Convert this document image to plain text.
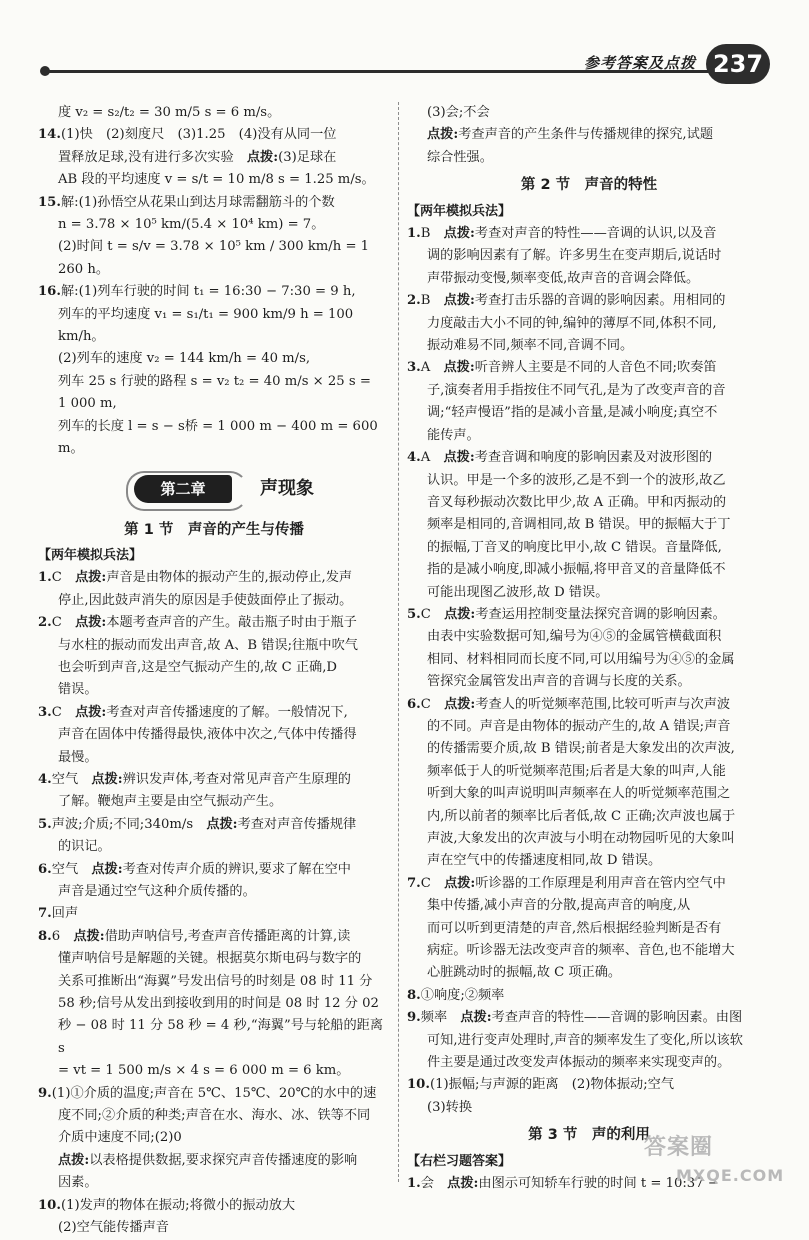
参考答案及点拨 237

度 v₂ = s₂/t₂ = 30 m/5 s = 6 m/s。

14.(1)快　(2)刻度尺　(3)1.25　(4)没有从同一位

置释放足球,没有进行多次实验　点拨:(3)足球在

AB 段的平均速度 v = s/t = 10 m/8 s = 1.25 m/s。

15.解:(1)孙悟空从花果山到达月球需翻筋斗的个数

n = 3.78 × 10⁵ km/(5.4 × 10⁴ km) = 7。

(2)时间 t = s/v = 3.78 × 10⁵ km / 300 km/h = 1 260 h。

16.解:(1)列车行驶的时间 t₁ = 16:30 − 7:30 = 9 h,

列车的平均速度 v₁ = s₁/t₁ = 900 km/9 h = 100 km/h。

(2)列车的速度 v₂ = 144 km/h = 40 m/s,

列车 25 s 行驶的路程 s = v₂ t₂ = 40 m/s × 25 s =

1 000 m,

列车的长度 l = s − s桥 = 1 000 m − 400 m = 600 m。

第二章	声现象
第 1 节　声音的产生与传播
【两年模拟兵法】

1.C　点拨:声音是由物体的振动产生的,振动停止,发声

停止,因此鼓声消失的原因是手使鼓面停止了振动。

2.C　点拨:本题考查声音的产生。敲击瓶子时由于瓶子

与水柱的振动而发出声音,故 A、B 错误;往瓶中吹气

也会听到声音,这是空气振动产生的,故 C 正确,D

错误。

3.C　点拨:考查对声音传播速度的了解。一般情况下,

声音在固体中传播得最快,液体中次之,气体中传播得

最慢。

4.空气　点拨:辨识发声体,考查对常见声音产生原理的

了解。鞭炮声主要是由空气振动产生。

5.声波;介质;不同;340m/s　点拨:考查对声音传播规律

的识记。

6.空气　点拨:考查对传声介质的辨识,要求了解在空中

声音是通过空气这种介质传播的。

7.回声

8.6　点拨:借助声呐信号,考查声音传播距离的计算,读

懂声呐信号是解题的关键。根据莫尔斯电码与数字的

关系可推断出“海翼”号发出信号的时刻是 08 时 11 分

58 秒;信号从发出到接收到用的时间是 08 时 12 分 02

秒 − 08 时 11 分 58 秒 = 4 秒,“海翼”号与轮船的距离 s

= vt = 1 500 m/s × 4 s = 6 000 m = 6 km。

9.(1)①介质的温度;声音在 5℃、15℃、20℃的水中的速

度不同;②介质的种类;声音在水、海水、冰、铁等不同

介质中速度不同;(2)0

点拨:以表格提供数据,要求探究声音传播速度的影响

因素。

10.(1)发声的物体在振动;将微小的振动放大

(2)空气能传播声音

(3)会;不会

点拨:考查声音的产生条件与传播规律的探究,试题

综合性强。

第 2 节　声音的特性
【两年模拟兵法】

1.B　点拨:考查对声音的特性——音调的认识,以及音

调的影响因素有了解。许多男生在变声期后,说话时

声带振动变慢,频率变低,故声音的音调会降低。

2.B　点拨:考查打击乐器的音调的影响因素。用相同的

力度敲击大小不同的钟,编钟的薄厚不同,体积不同,

振动难易不同,频率不同,音调不同。

3.A　点拨:听音辨人主要是不同的人音色不同;吹奏笛

子,演奏者用手指按住不同气孔,是为了改变声音的音

调;“轻声慢语”指的是减小音量,是减小响度;真空不

能传声。

4.A　点拨:考查音调和响度的影响因素及对波形图的

认识。甲是一个多的波形,乙是不到一个的波形,故乙

音叉每秒振动次数比甲少,故 A 正确。甲和丙振动的

频率是相同的,音调相同,故 B 错误。甲的振幅大于丁

的振幅,丁音叉的响度比甲小,故 C 错误。音量降低,

指的是减小响度,即减小振幅,将甲音叉的音量降低不

可能出现图乙波形,故 D 错误。

5.C　点拨:考查运用控制变量法探究音调的影响因素。

由表中实验数据可知,编号为④⑤的金属管横截面积

相同、材料相同而长度不同,可以用编号为④⑤的金属

管探究金属管发出声音的音调与长度的关系。

6.C　点拨:考查人的听觉频率范围,比较可听声与次声波

的不同。声音是由物体的振动产生的,故 A 错误;声音

的传播需要介质,故 B 错误;前者是大象发出的次声波,

频率低于人的听觉频率范围;后者是大象的叫声,人能

听到大象的叫声说明叫声频率在人的听觉频率范围之

内,所以前者的频率比后者低,故 C 正确;次声波也属于

声波,大象发出的次声波与小明在动物园听见的大象叫

声在空气中的传播速度相同,故 D 错误。

7.C　点拨:听诊器的工作原理是利用声音在管内空气中

集中传播,减小声音的分散,提高声音的响度,从

而可以听到更清楚的声音,然后根据经验判断是否有

病症。听诊器无法改变声音的频率、音色,也不能增大

心脏跳动时的振幅,故 C 项正确。

8.①响度;②频率

9.频率　点拨:考查声音的特性——音调的影响因素。由图

可知,进行变声处理时,声音的频率发生了变化,所以该软

件主要是通过改变发声体振动的频率来实现变声的。

10.(1)振幅;与声源的距离　(2)物体振动;空气

(3)转换

第 3 节　声的利用
【右栏习题答案】

1.会　点拨:由图示可知轿车行驶的时间 t = 10:37 −

答案圈
MXQE.COM
